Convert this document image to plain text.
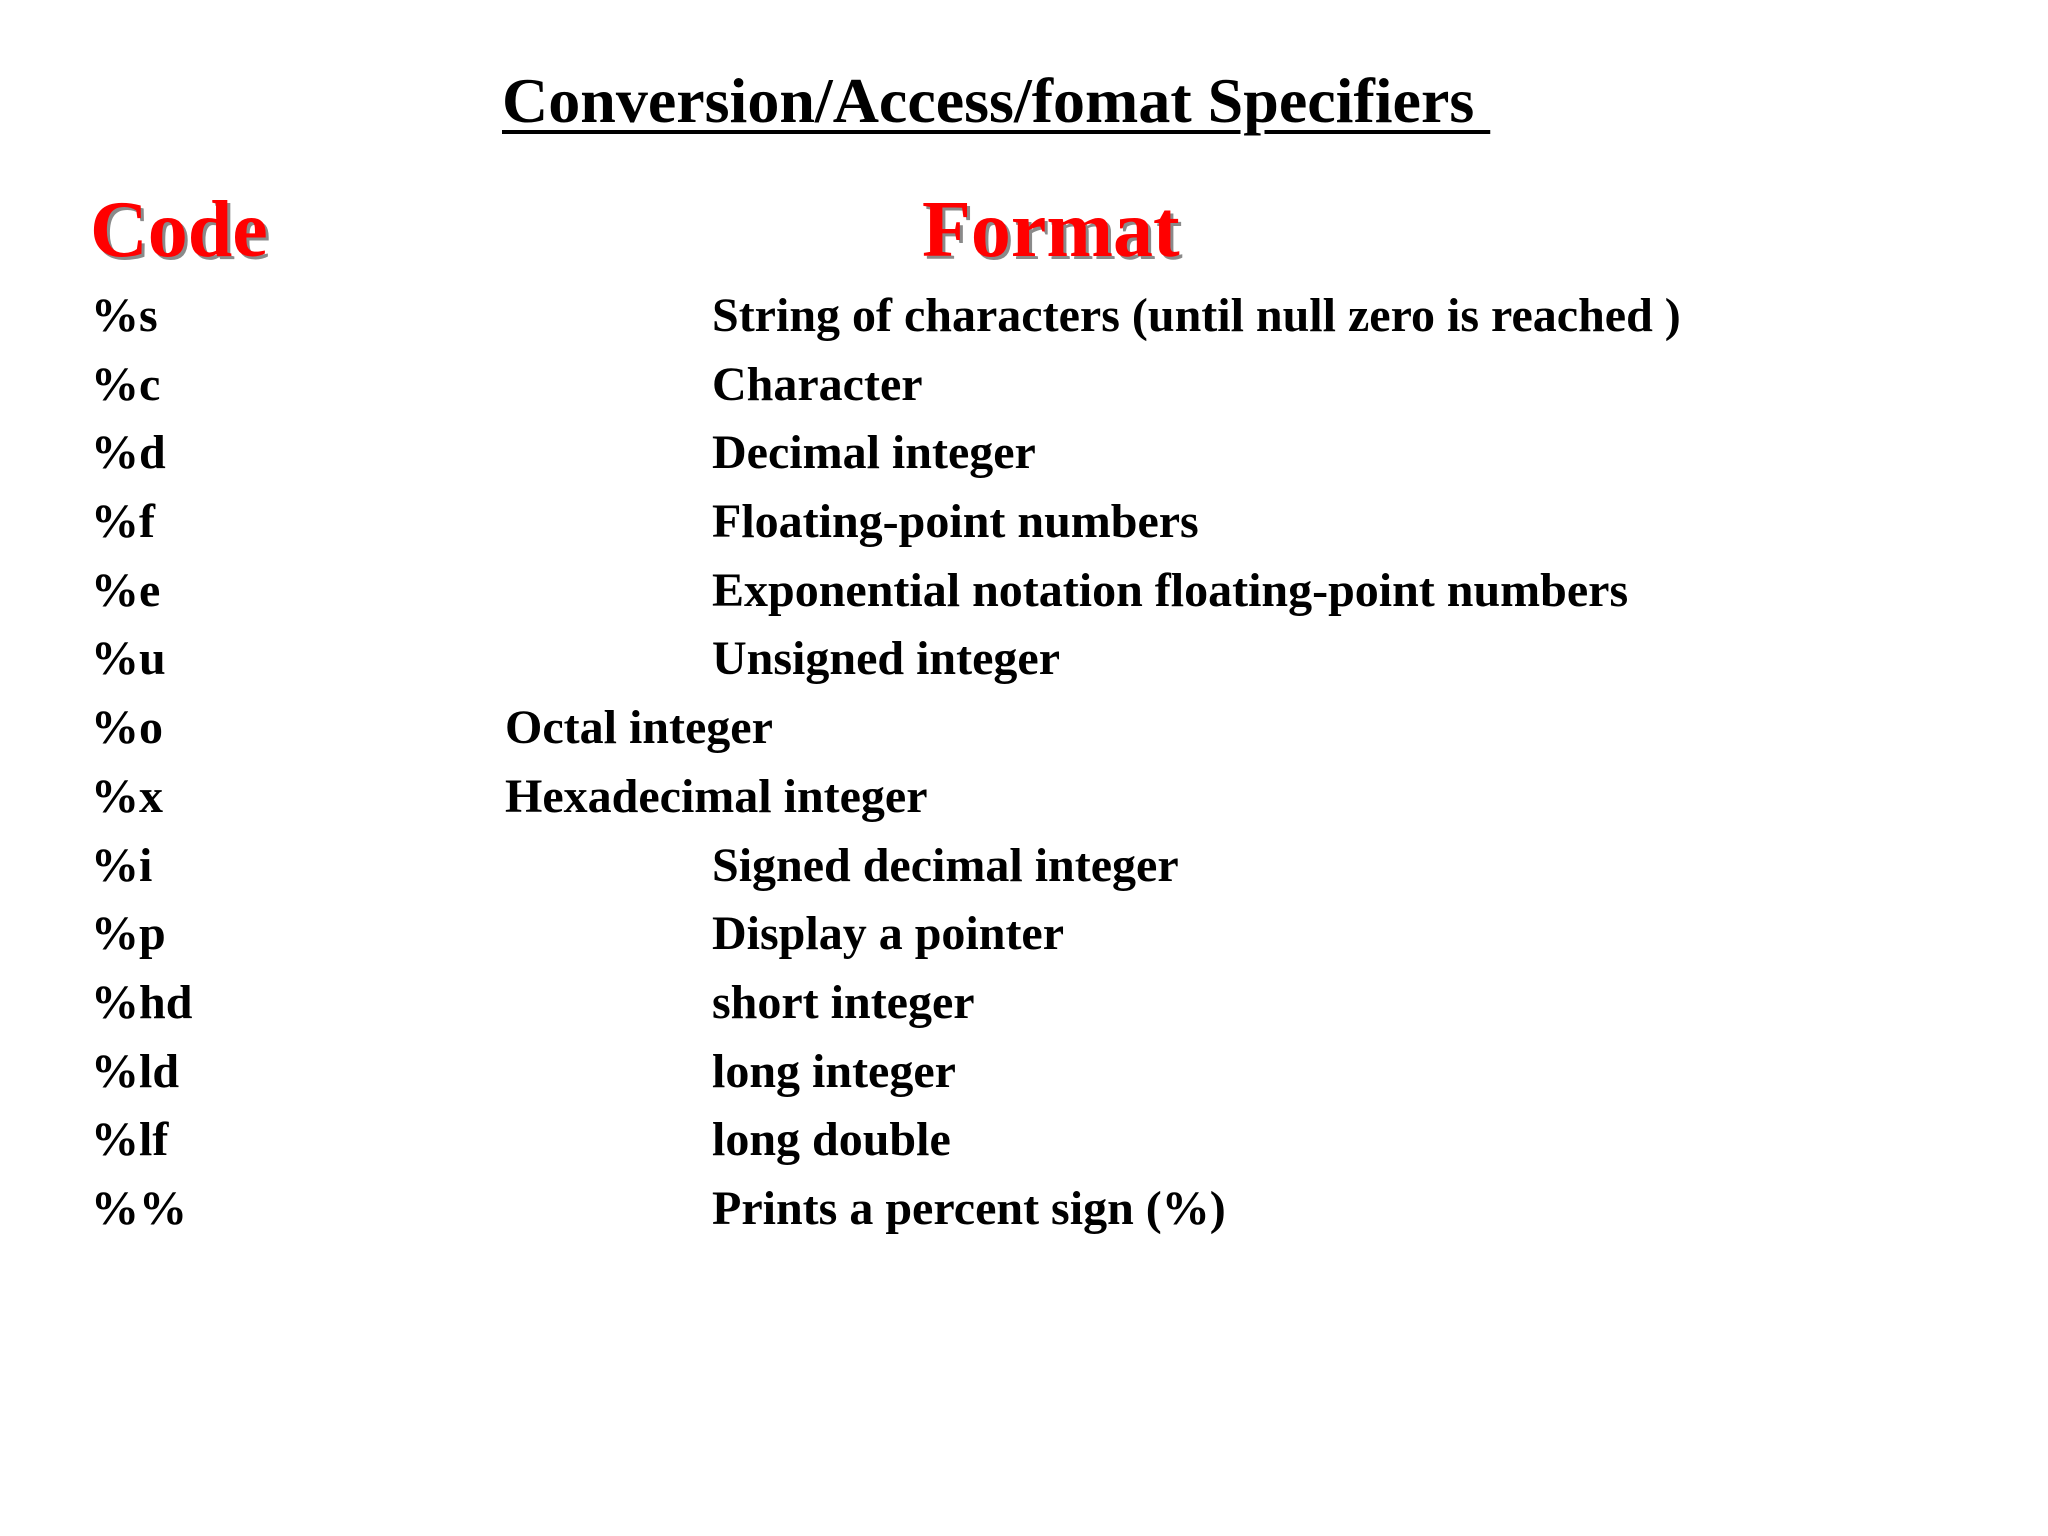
Conversion/Access/fomat Specifiers
Code	Format
%s	String of characters (until null zero is reached )
%c	Character
%d	Decimal integer
%f	Floating-point numbers
%e	Exponential notation floating-point numbers
%u	Unsigned integer
%o	Octal integer
%x	Hexadecimal integer
%i	Signed decimal integer
%p	Display a pointer
%hd	short integer
%ld	long integer
%lf	long double
%%	Prints a percent sign (%)
